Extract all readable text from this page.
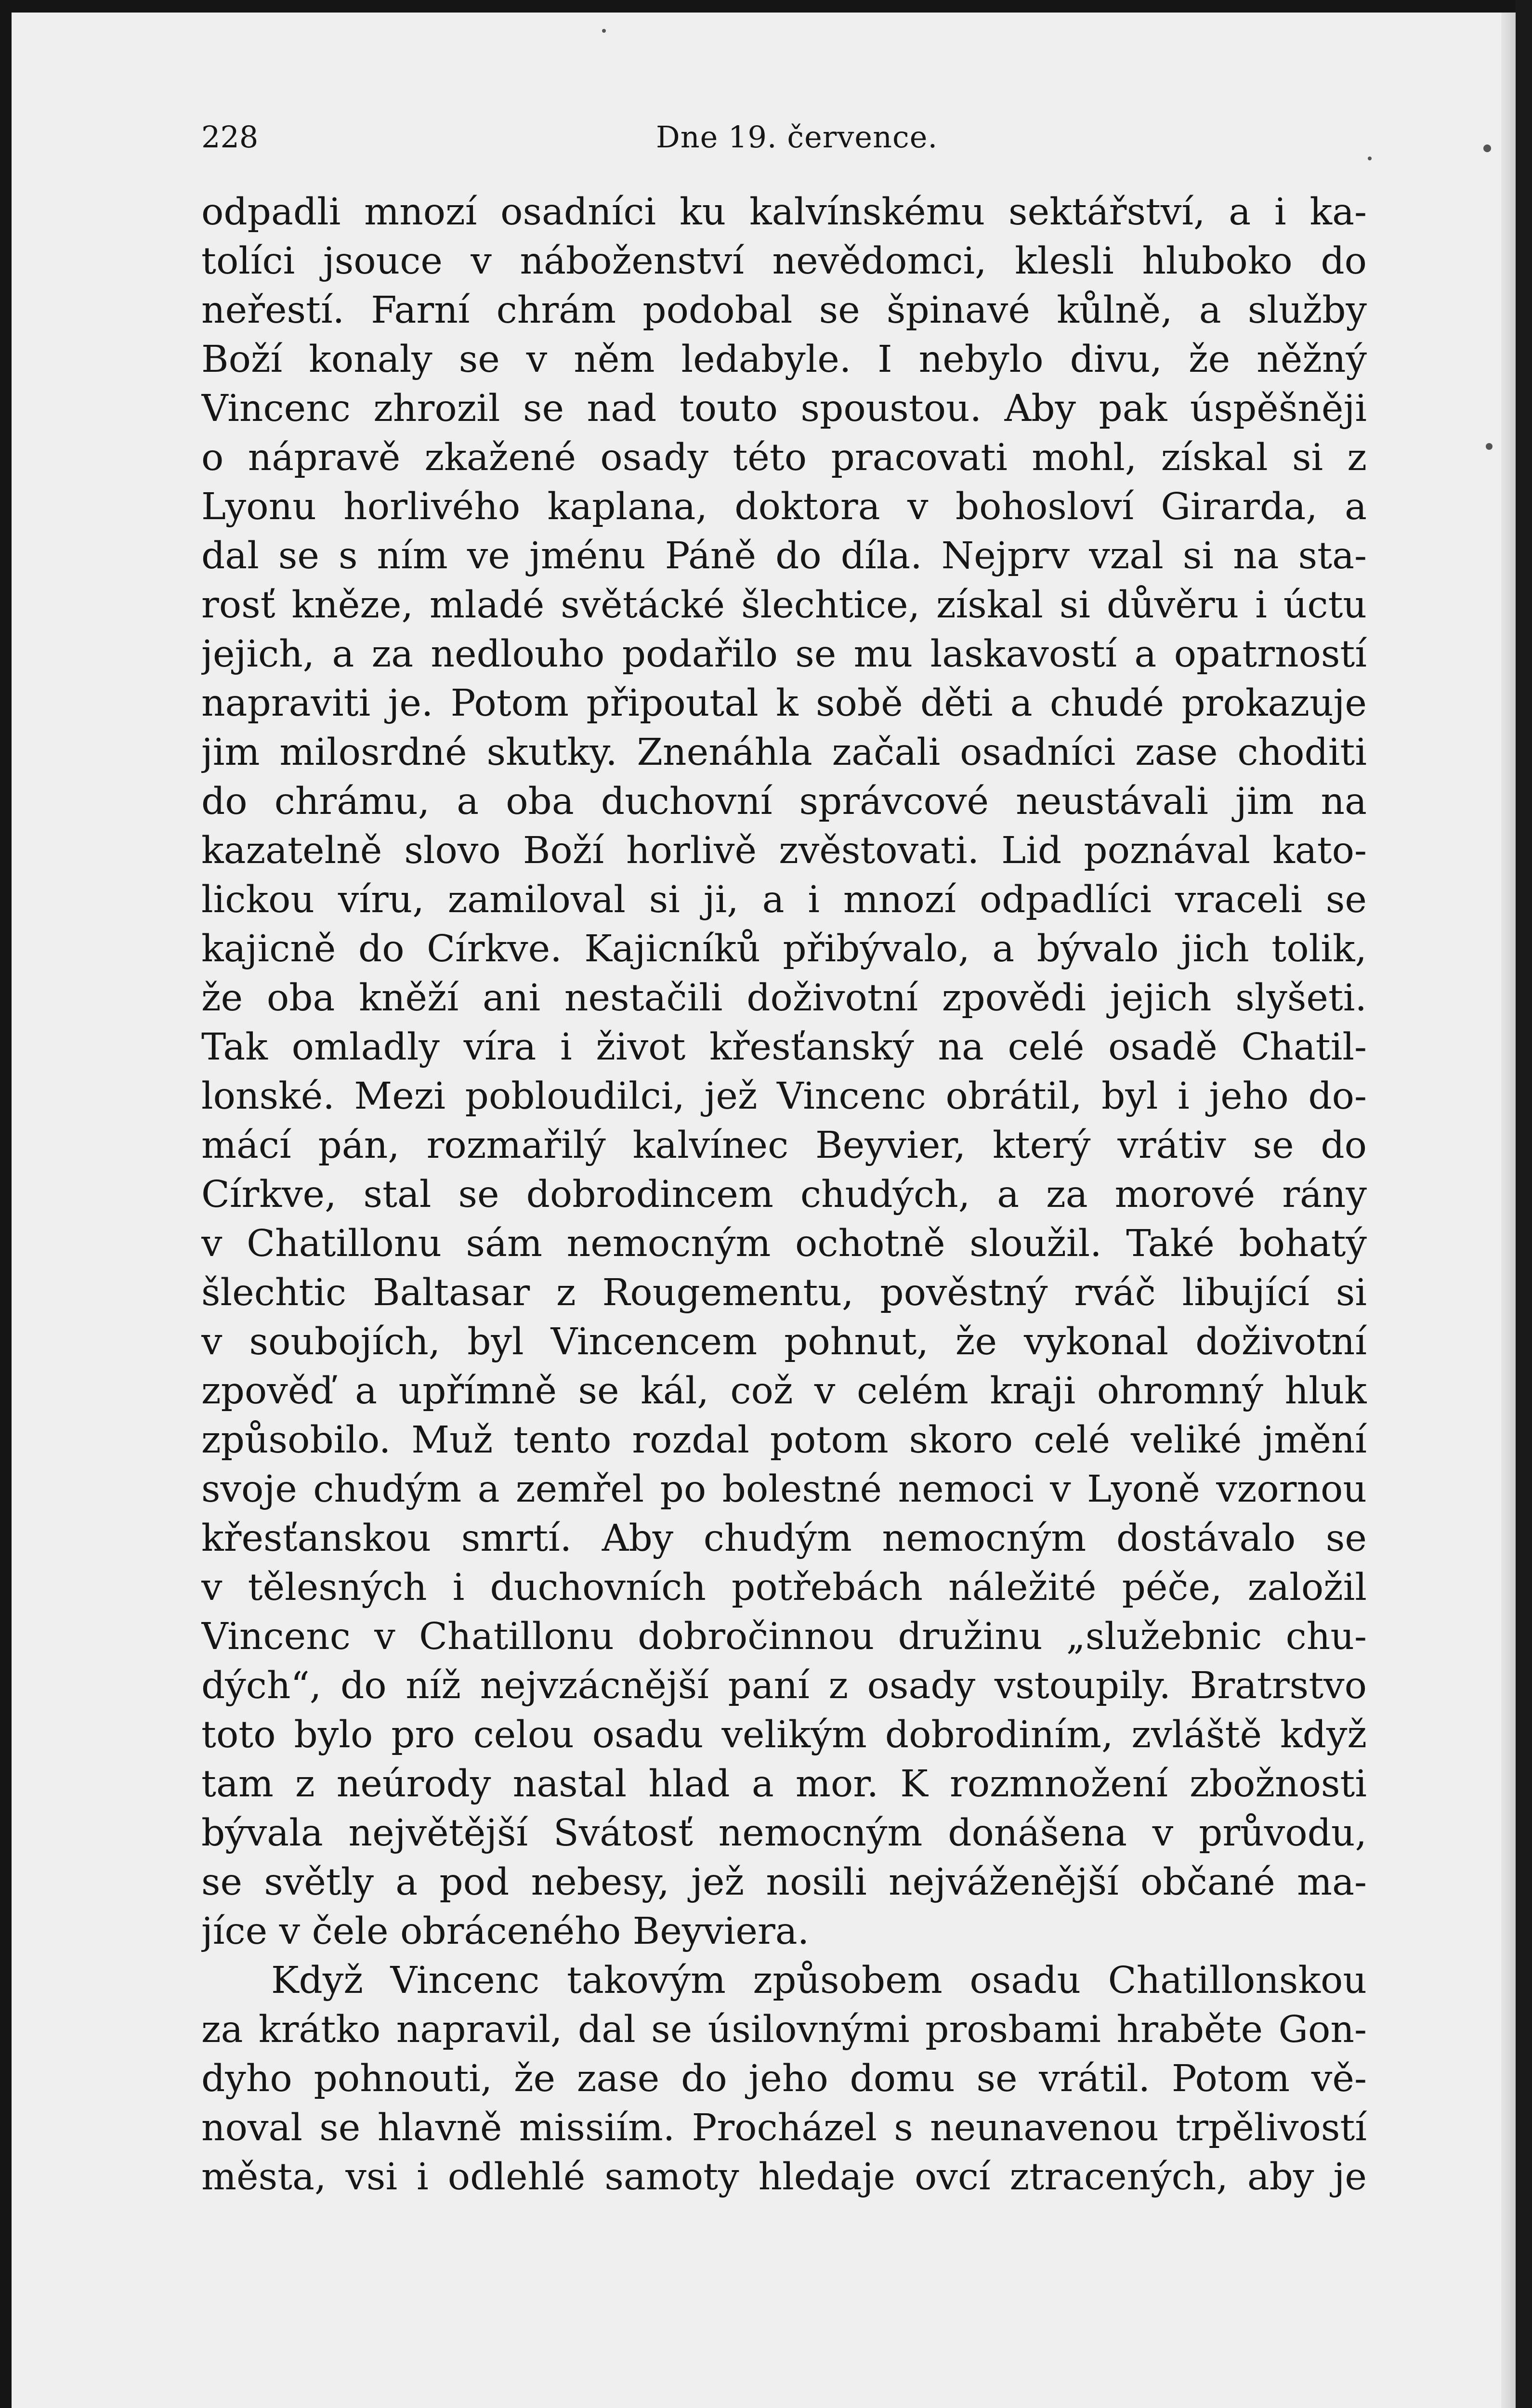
228	Dne 19. července.
odpadli mnozí osadníci ku kalvínskému sektářství, a i ka-
tolíci jsouce v náboženství nevědomci, klesli hluboko do
neřestí. Farní chrám podobal se špinavé kůlně, a služby
Boží konaly se v něm ledabyle. I nebylo divu, že něžný
Vincenc zhrozil se nad touto spoustou. Aby pak úspěšněji
o nápravě zkažené osady této pracovati mohl, získal si z
Lyonu horlivého kaplana, doktora v bohosloví Girarda, a
dal se s ním ve jménu Páně do díla. Nejprv vzal si na sta-
rosť kněze, mladé světácké šlechtice, získal si důvěru i úctu
jejich, a za nedlouho podařilo se mu laskavostí a opatrností
napraviti je. Potom připoutal k sobě děti a chudé prokazuje
jim milosrdné skutky. Znenáhla začali osadníci zase choditi
do chrámu, a oba duchovní správcové neustávali jim na
kazatelně slovo Boží horlivě zvěstovati. Lid poznával kato-
lickou víru, zamiloval si ji, a i mnozí odpadlíci vraceli se
kajicně do Církve. Kajicníků přibývalo, a bývalo jich tolik,
že oba kněží ani nestačili doživotní zpovědi jejich slyšeti.
Tak omladly víra i život křesťanský na celé osadě Chatil-
lonské. Mezi pobloudilci, jež Vincenc obrátil, byl i jeho do-
mácí pán, rozmařilý kalvínec Beyvier, který vrátiv se do
Církve, stal se dobrodincem chudých, a za morové rány
v Chatillonu sám nemocným ochotně sloužil. Také bohatý
šlechtic Baltasar z Rougementu, pověstný rváč libující si
v soubojích, byl Vincencem pohnut, že vykonal doživotní
zpověď a upřímně se kál, což v celém kraji ohromný hluk
způsobilo. Muž tento rozdal potom skoro celé veliké jmění
svoje chudým a zemřel po bolestné nemoci v Lyoně vzornou
křesťanskou smrtí. Aby chudým nemocným dostávalo se
v tělesných i duchovních potřebách náležité péče, založil
Vincenc v Chatillonu dobročinnou družinu „služebnic chu-
dých“, do níž nejvzácnější paní z osady vstoupily. Bratrstvo
toto bylo pro celou osadu velikým dobrodiním, zvláště když
tam z neúrody nastal hlad a mor. K rozmnožení zbožnosti
bývala největější Svátosť nemocným donášena v průvodu,
se světly a pod nebesy, jež nosili nejváženější občané ma-
jíce v čele obráceného Beyviera.
Když Vincenc takovým způsobem osadu Chatillonskou
za krátko napravil, dal se úsilovnými prosbami hraběte Gon-
dyho pohnouti, že zase do jeho domu se vrátil. Potom vě-
noval se hlavně missiím. Procházel s neunavenou trpělivostí
města, vsi i odlehlé samoty hledaje ovcí ztracených, aby je
